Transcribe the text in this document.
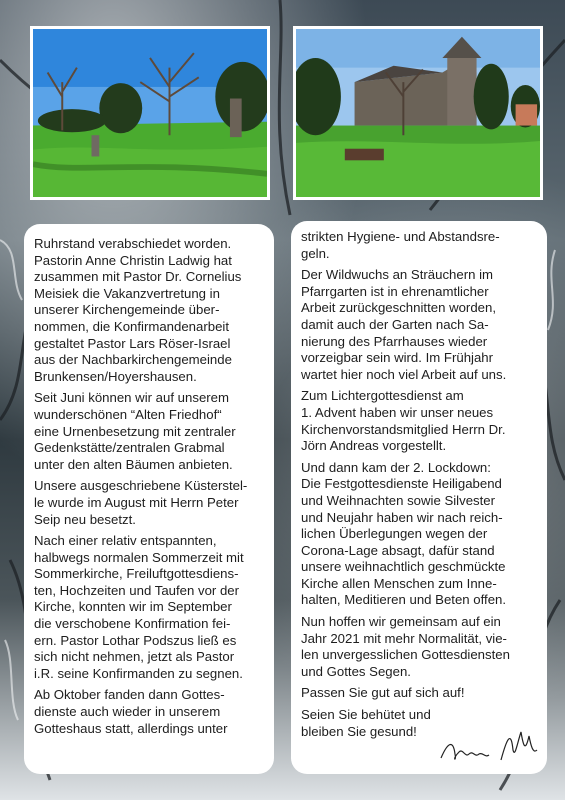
Ruhrstand verabschiedet worden.
Pastorin Anne Christin Ladwig hat
zusammen mit Pastor Dr. Cornelius
Meisiek die Vakanzvertretung in
unserer Kirchengemeinde über-
nommen, die Konfirmandenarbeit
gestaltet Pastor Lars Röser-Israel
aus der Nachbarkirchengemeinde
Brunkensen/Hoyershausen.

Seit Juni können wir auf unserem
wunderschönen “Alten Friedhof“
eine Urnenbesetzung mit zentraler
Gedenkstätte/zentralen Grabmal
unter den alten Bäumen anbieten.

Unsere ausgeschriebene Küsterstel-
le wurde im August mit Herrn Peter
Seip neu besetzt.

Nach einer relativ entspannten,
halbwegs normalen Sommerzeit mit
Sommerkirche, Freiluftgottesdiens-
ten, Hochzeiten und Taufen vor der
Kirche, konnten wir im September
die verschobene Konfirmation fei-
ern. Pastor Lothar Podszus ließ es
sich nicht nehmen, jetzt als Pastor
i.R. seine Konfirmanden zu segnen.

Ab Oktober fanden dann Gottes-
dienste auch wieder in unserem
Gotteshaus statt, allerdings unter

strikten Hygiene- und Abstandsre-
geln.

Der Wildwuchs an Sträuchern im
Pfarrgarten ist in ehrenamtlicher
Arbeit zurückgeschnitten worden,
damit auch der Garten nach Sa-
nierung des Pfarrhauses wieder
vorzeigbar sein wird. Im Frühjahr
wartet hier noch viel Arbeit auf uns.

Zum Lichtergottesdienst am
1. Advent haben wir unser neues
Kirchenvorstandsmitglied Herrn Dr.
Jörn Andreas vorgestellt.

Und dann kam der 2. Lockdown:
Die Festgottesdienste Heiligabend
und Weihnachten sowie Silvester
und Neujahr haben wir nach reich-
lichen Überlegungen wegen der
Corona-Lage absagt, dafür stand
unsere weihnachtlich geschmückte
Kirche allen Menschen zum Inne-
halten, Meditieren und Beten offen.

Nun hoffen wir gemeinsam auf ein
Jahr 2021 mit mehr Normalität, vie-
len unvergesslichen Gottesdiensten
und Gottes Segen.

Passen Sie gut auf sich auf!

Seien Sie behütet und
bleiben Sie gesund!
